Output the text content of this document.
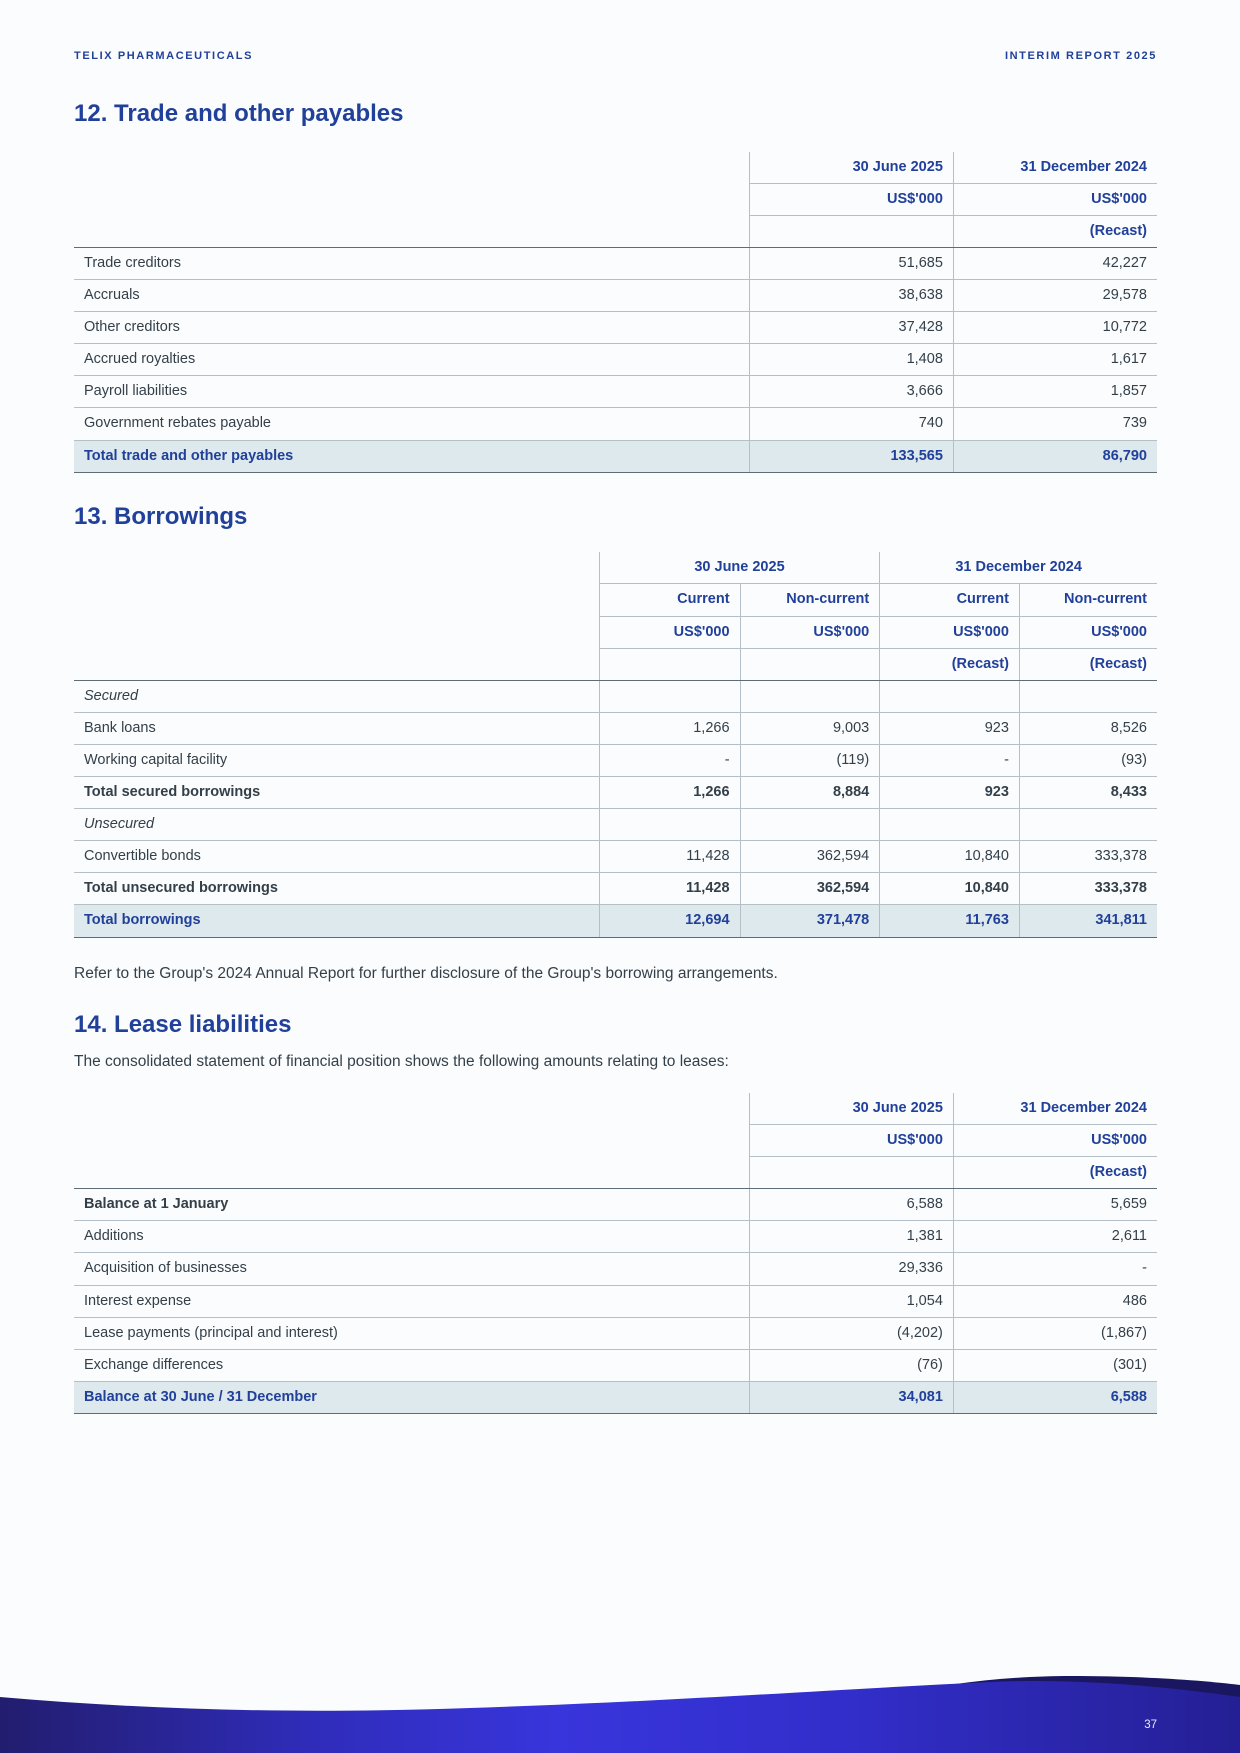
TELIX PHARMACEUTICALS	INTERIM REPORT 2025
12. Trade and other payables
	30 June 2025	31 December 2024
	US$'000	US$'000
		(Recast)
Trade creditors	51,685	42,227
Accruals	38,638	29,578
Other creditors	37,428	10,772
Accrued royalties	1,408	1,617
Payroll liabilities	3,666	1,857
Government rebates payable	740	739
Total trade and other payables	133,565	86,790
13. Borrowings
	30 June 2025		31 December 2024	
	Current	Non-current	Current	Non-current
	US$'000	US$'000	US$'000	US$'000
			(Recast)	(Recast)
Secured				
Bank loans	1,266	9,003	923	8,526
Working capital facility	-	(119)	-	(93)
Total secured borrowings	1,266	8,884	923	8,433
Unsecured				
Convertible bonds	11,428	362,594	10,840	333,378
Total unsecured borrowings	11,428	362,594	10,840	333,378
Total borrowings	12,694	371,478	11,763	341,811

Refer to the Group's 2024 Annual Report for further disclosure of the Group's borrowing arrangements.

14. Lease liabilities

The consolidated statement of financial position shows the following amounts relating to leases:

	30 June 2025	31 December 2024
	US$'000	US$'000
		(Recast)
Balance at 1 January	6,588	5,659
Additions	1,381	2,611
Acquisition of businesses	29,336	-
Interest expense	1,054	486
Lease payments (principal and interest)	(4,202)	(1,867)
Exchange differences	(76)	(301)
Balance at 30 June / 31 December	34,081	6,588
37
